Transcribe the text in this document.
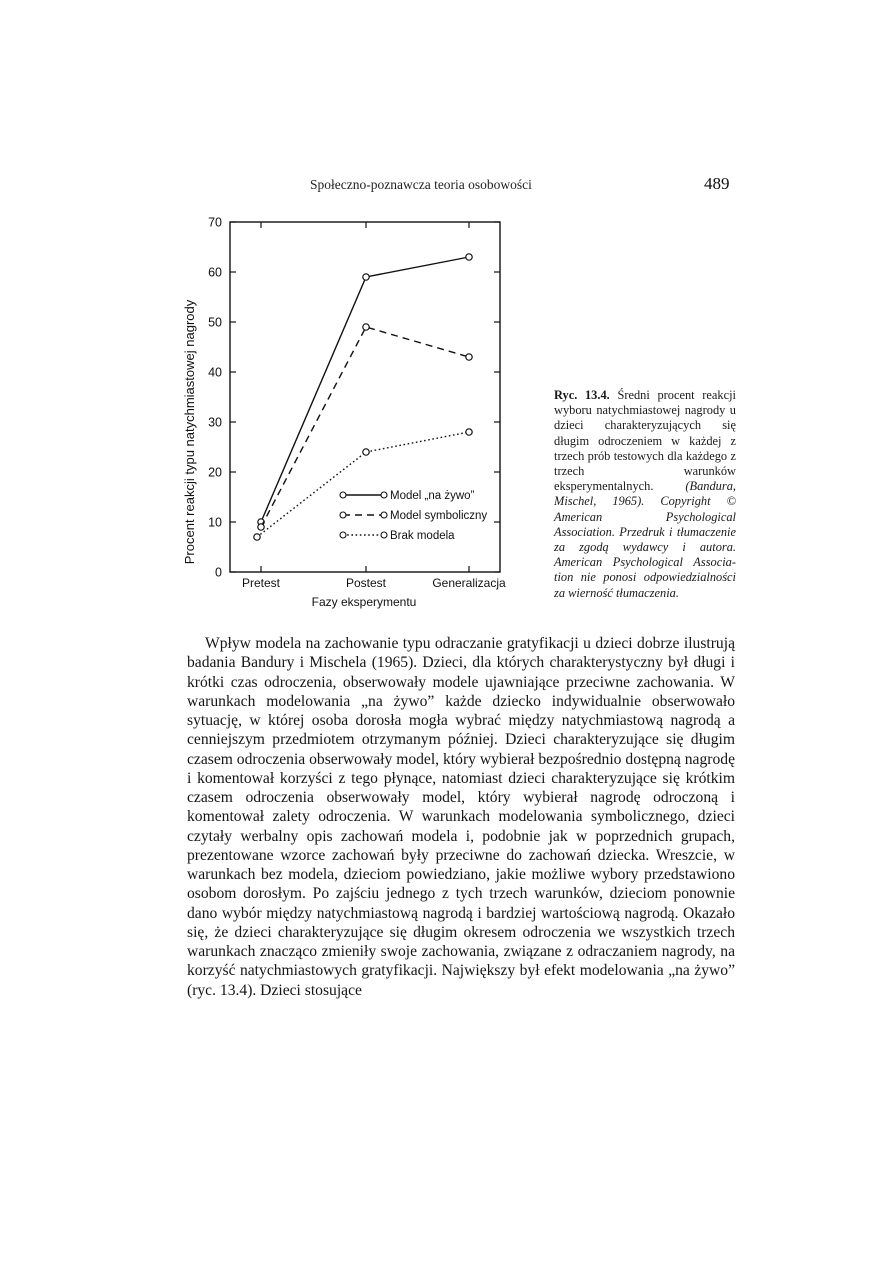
Społeczno-poznawcza teoria osobowości	489
0
10
20
30
40
50
60
70
Pretest	Postest	Generalizacja
Model „na żywo”
Model symboliczny
Brak modela
Procent reakcji typu natychmiastowej nagrody
Fazy eksperymentu
Ryc. 13.4. Średni procent reakcji wyboru natychmiastowej nagrody u dzieci charakteryzujących się długim odroczeniem w każdej z trzech prób testowych dla każdego z trzech warunków eksperymentalnych. (Bandura, Mischel, 1965). Copyright © American Psychological Association. Przedruk i tłumaczenie za zgodą wydawcy i autora. American Psychological Association nie ponosi odpowiedzialności za wierność tłumaczenia.

Wpływ modela na zachowanie typu odraczanie gratyfikacji u dzieci dobrze ilustrują badania Bandury i Mischela (1965). Dzieci, dla których charakterystyczny był długi i krótki czas odroczenia, obserwowały modele ujawniające przeciwne zachowania. W warunkach modelowania „na żywo” każde dziecko indywidualnie obserwowało sytuację, w której osoba dorosła mogła wybrać między natychmiastową nagrodą a cenniejszym przedmiotem otrzymanym później. Dzieci charakteryzujące się długim czasem odroczenia obserwowały model, który wybierał bezpośrednio dostępną nagrodę i komentował korzyści z tego płynące, natomiast dzieci charakteryzujące się krótkim czasem odroczenia obserwowały model, który wybierał nagrodę odroczoną i komentował zalety odroczenia. W warunkach modelowania symbolicznego, dzieci czytały werbalny opis zachowań modela i, podobnie jak w poprzednich grupach, prezentowane wzorce zachowań były przeciwne do zachowań dziecka. Wreszcie, w warunkach bez modela, dzieciom powiedziano, jakie możliwe wybory przedstawiono osobom dorosłym. Po zajściu jednego z tych trzech warunków, dzieciom ponownie dano wybór między natychmiastową nagrodą i bardziej wartościową nagrodą. Okazało się, że dzieci charakteryzujące się długim okresem odroczenia we wszystkich trzech warunkach znacząco zmieniły swoje zachowania, związane z odraczaniem nagrody, na korzyść natychmiastowych gratyfikacji. Największy był efekt modelowania „na żywo” (ryc. 13.4). Dzieci stosujące
